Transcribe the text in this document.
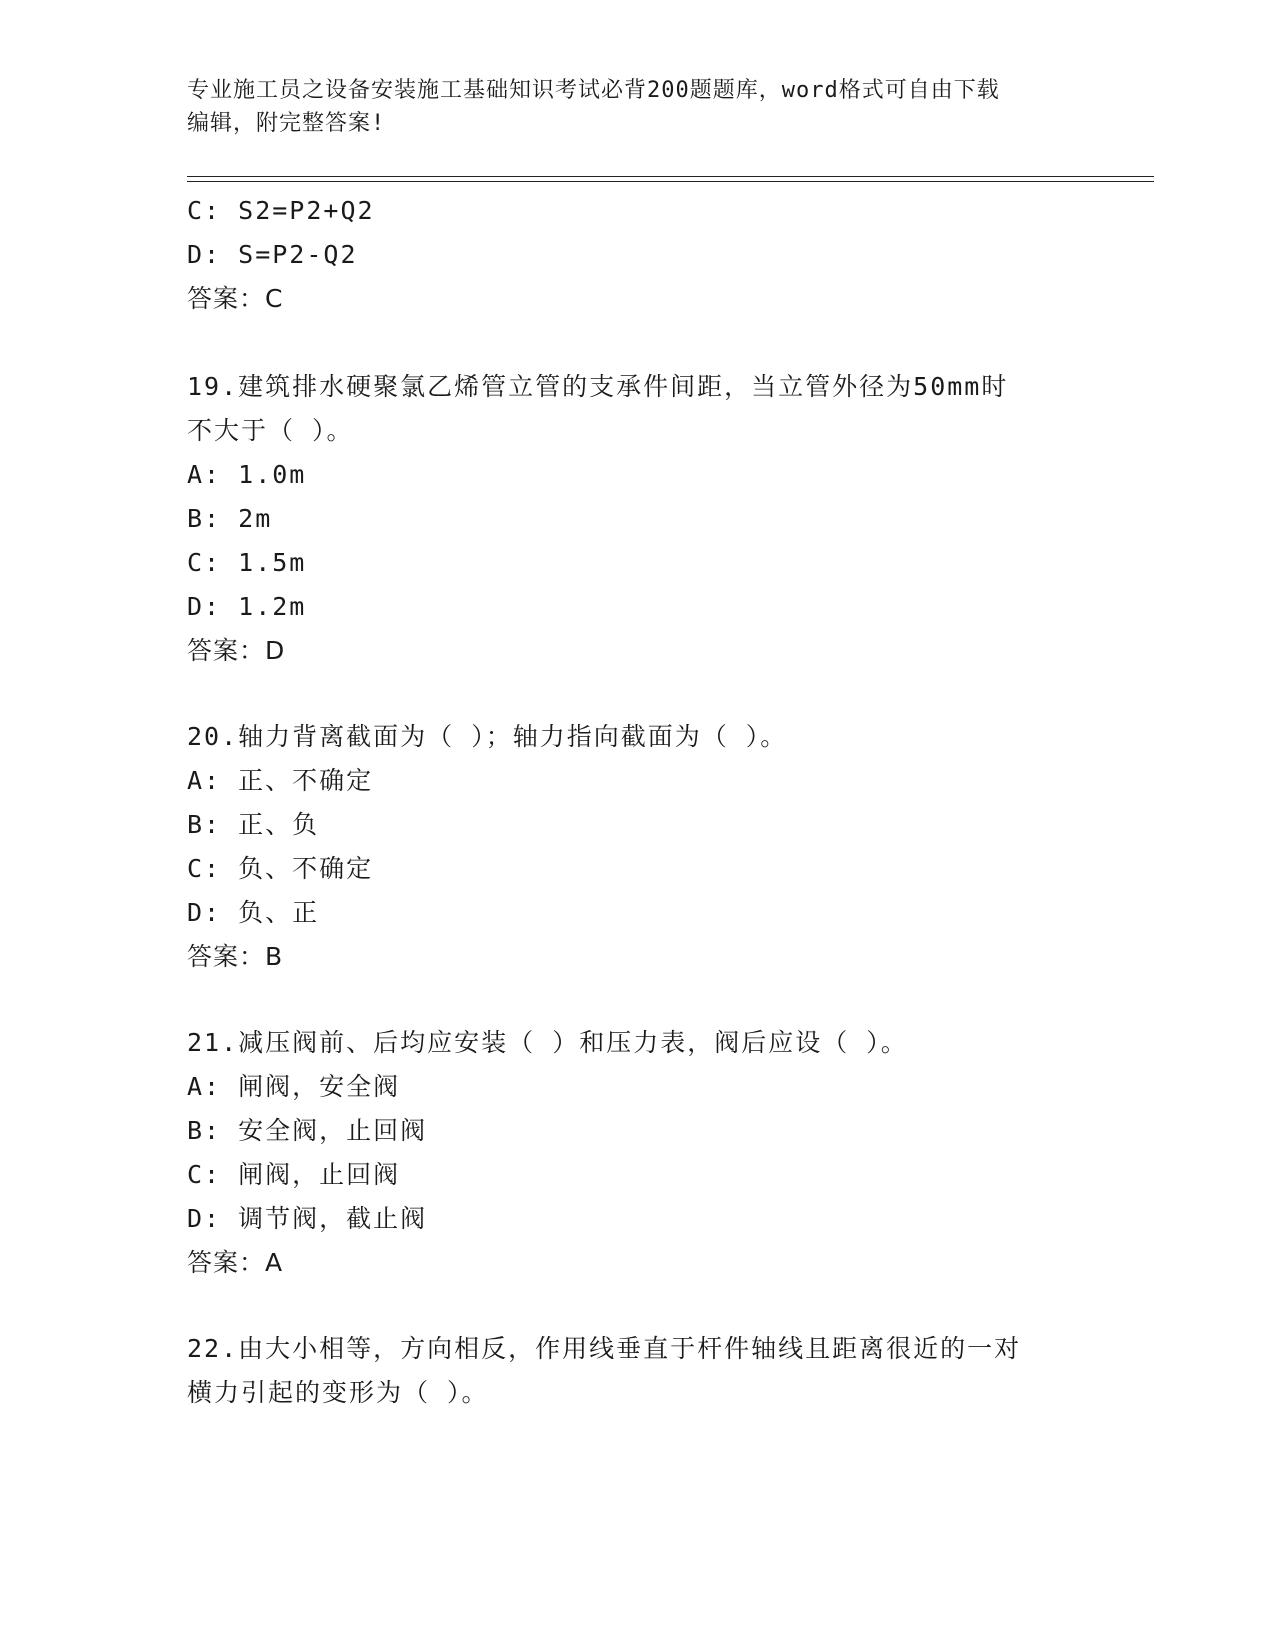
专业施工员之设备安装施工基础知识考试必背200题题库，word格式可自由下载
编辑，附完整答案!
C: S2=P2+Q2
D: S=P2-Q2
答案：C
19.建筑排水硬聚氯乙烯管立管的支承件间距，当立管外径为50mm时
不大于（ ）。
A: 1.0m
B: 2m
C: 1.5m
D: 1.2m
答案：D
20.轴力背离截面为（ ）；轴力指向截面为（ ）。
A: 正、不确定
B: 正、负
C: 负、不确定
D: 负、正
答案：B
21.减压阀前、后均应安装（ ）和压力表，阀后应设（ ）。
A: 闸阀，安全阀
B: 安全阀，止回阀
C: 闸阀，止回阀
D: 调节阀，截止阀
答案：A
22.由大小相等，方向相反，作用线垂直于杆件轴线且距离很近的一对
横力引起的变形为（ ）。
